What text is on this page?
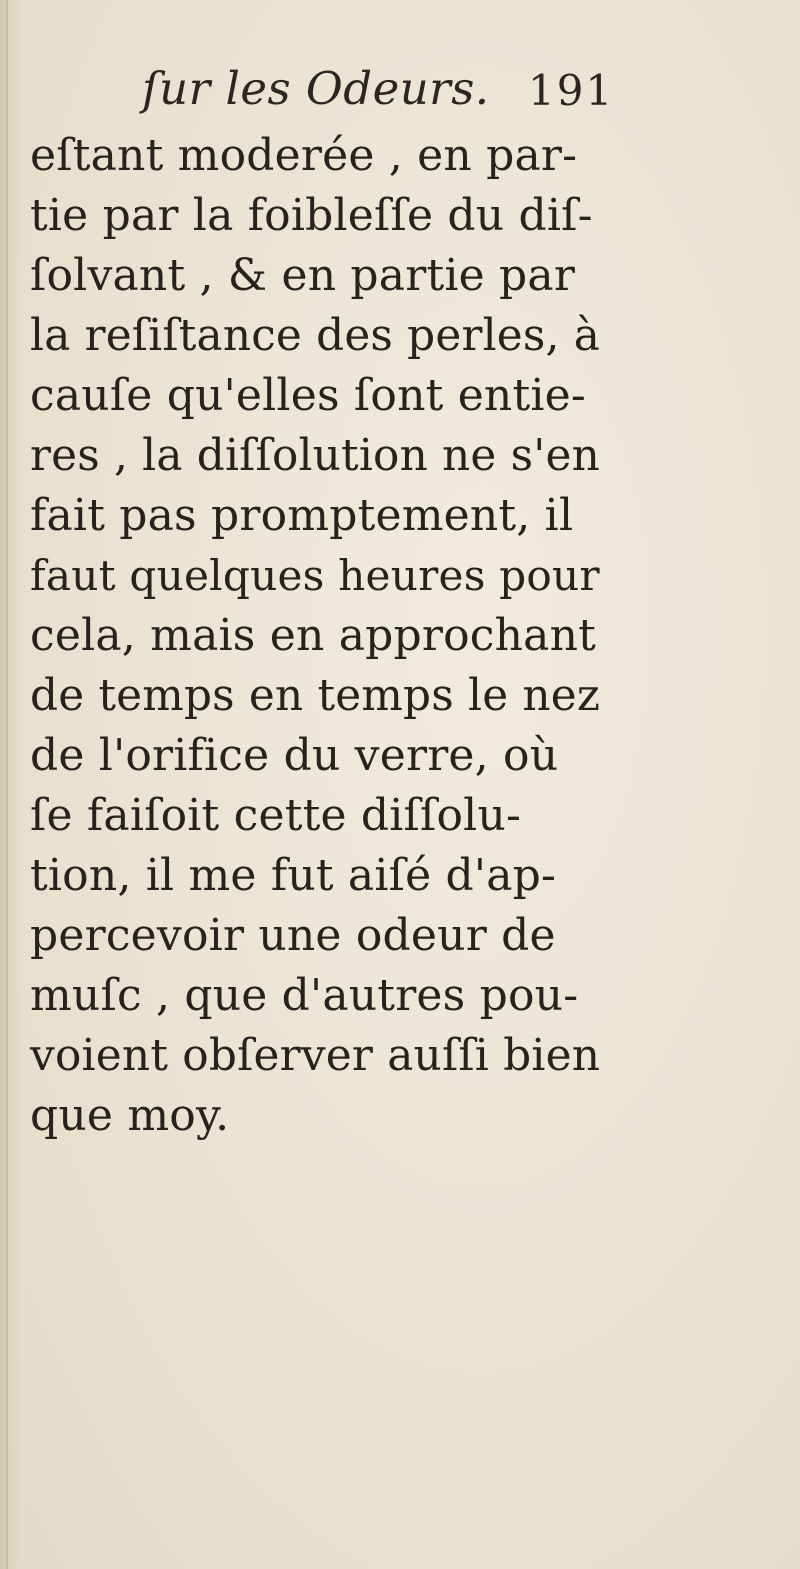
ſur les Odeurs. 191
eſtant moderée , en par-
tie par la foibleſſe du diſ-
ſolvant , & en partie par
la reſiſtance des perles, à
cauſe qu'elles ſont entie-
res , la diſſolution ne s'en
fait pas promptement, il
faut quelques heures pour
cela, mais en approchant
de temps en temps le nez
de l'orifice du verre, où
ſe faiſoit cette diſſolu-
tion, il me fut aiſé d'ap-
percevoir une odeur de
muſc , que d'autres pou-
voient obſerver auſſi bien
que moy.
